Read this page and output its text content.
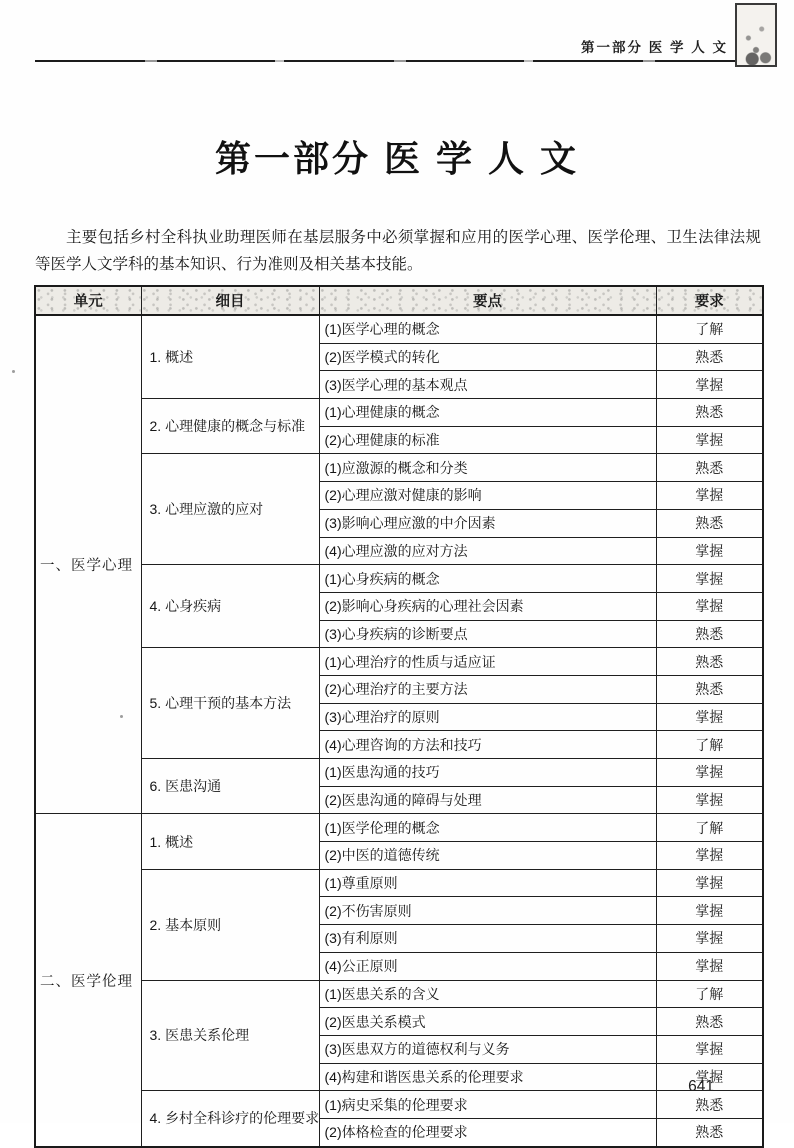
第一部分 医 学 人 文
第一部分 医 学 人 文

主要包括乡村全科执业助理医师在基层服务中必须掌握和应用的医学心理、医学伦理、卫生法律法规等医学人文学科的基本知识、行为准则及相关基本技能。

单元	细目	要点	要求
一、医学心理	1. 概述	(1)医学心理的概念	了解
		(2)医学模式的转化	熟悉
		(3)医学心理的基本观点	掌握
	2. 心理健康的概念与标准	(1)心理健康的概念	熟悉
		(2)心理健康的标准	掌握
	3. 心理应激的应对	(1)应激源的概念和分类	熟悉
		(2)心理应激对健康的影响	掌握
		(3)影响心理应激的中介因素	熟悉
		(4)心理应激的应对方法	掌握
	4. 心身疾病	(1)心身疾病的概念	掌握
		(2)影响心身疾病的心理社会因素	掌握
		(3)心身疾病的诊断要点	熟悉
	5. 心理干预的基本方法	(1)心理治疗的性质与适应证	熟悉
		(2)心理治疗的主要方法	熟悉
		(3)心理治疗的原则	掌握
		(4)心理咨询的方法和技巧	了解
	6. 医患沟通	(1)医患沟通的技巧	掌握
		(2)医患沟通的障碍与处理	掌握
二、医学伦理	1. 概述	(1)医学伦理的概念	了解
		(2)中医的道德传统	掌握
	2. 基本原则	(1)尊重原则	掌握
		(2)不伤害原则	掌握
		(3)有利原则	掌握
		(4)公正原则	掌握
	3. 医患关系伦理	(1)医患关系的含义	了解
		(2)医患关系模式	熟悉
		(3)医患双方的道德权利与义务	掌握
		(4)构建和谐医患关系的伦理要求	掌握
	4. 乡村全科诊疗的伦理要求	(1)病史采集的伦理要求	熟悉
		(2)体格检查的伦理要求	熟悉
641
